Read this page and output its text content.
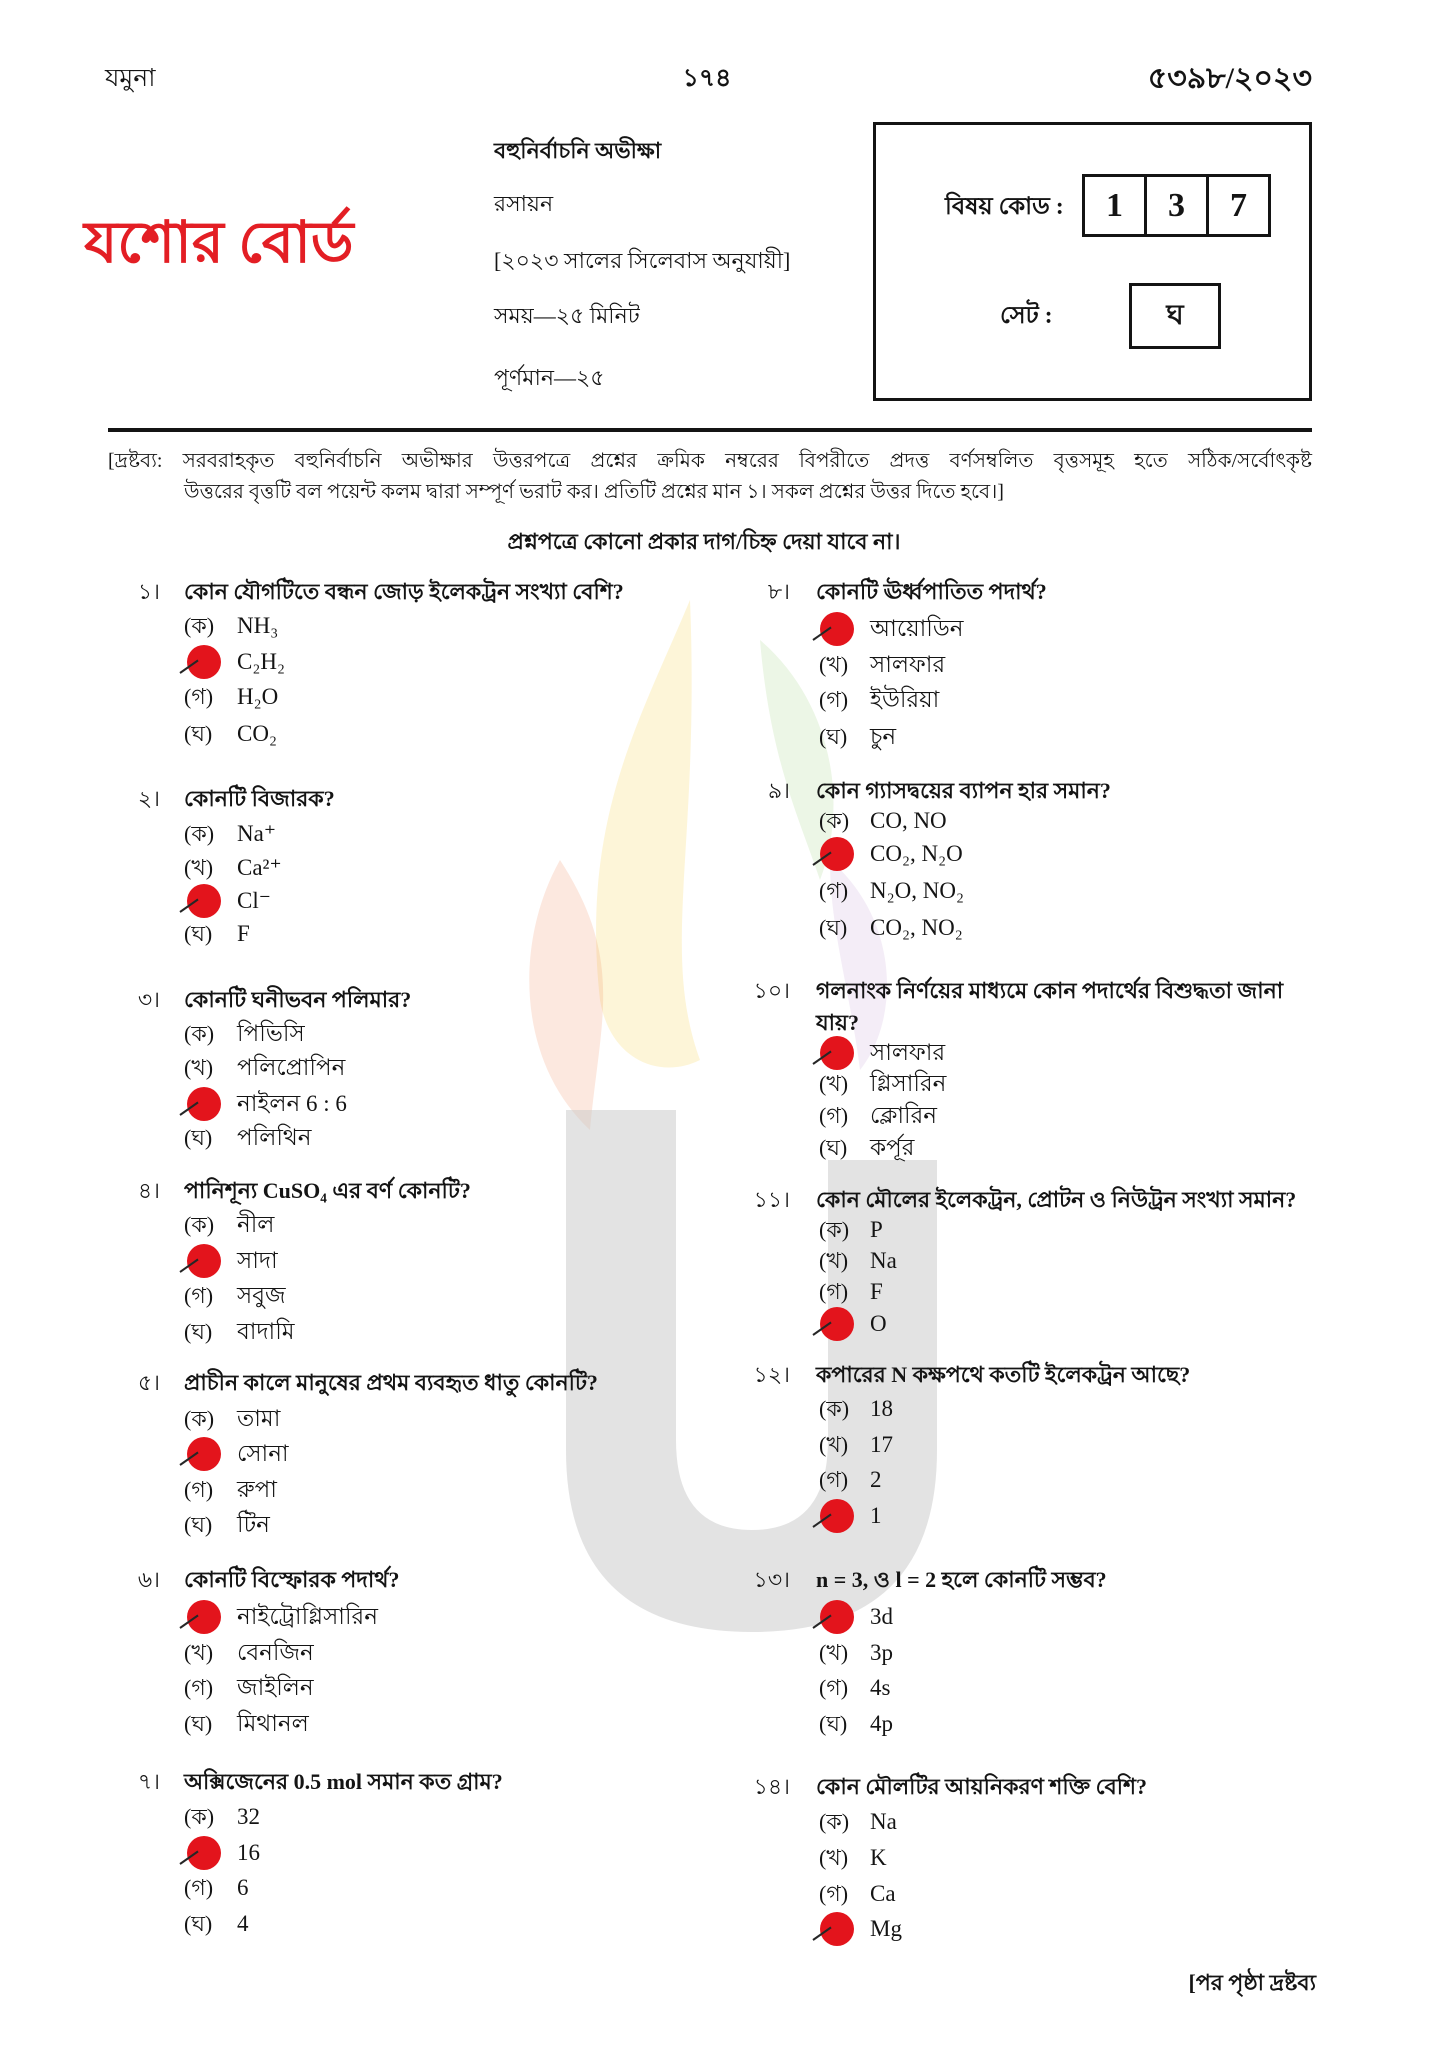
যমুনা	১৭৪	৫৩৯৮/২০২৩
যশোর বোর্ড
বহুনির্বাচনি অভীক্ষা
রসায়ন
[২০২৩ সালের সিলেবাস অনুযায়ী]
সময়—২৫ মিনিট
পূর্ণমান—২৫
বিষয় কোড :	1	3	7
সেট :	ঘ
[দ্রষ্টব্য: সরবরাহকৃত বহুনির্বাচনি অভীক্ষার উত্তরপত্রে প্রশ্নের ক্রমিক নম্বরের বিপরীতে প্রদত্ত বর্ণসম্বলিত বৃত্তসমূহ হতে সঠিক/সর্বোৎকৃষ্ট
উত্তরের বৃত্তটি বল পয়েন্ট কলম দ্বারা সম্পূর্ণ ভরাট কর। প্রতিটি প্রশ্নের মান ১। সকল প্রশ্নের উত্তর দিতে হবে।]
প্রশ্নপত্রে কোনো প্রকার দাগ/চিহ্ন দেয়া যাবে না।
১। কোন যৌগটিতে বন্ধন জোড় ইলেকট্রন সংখ্যা বেশি?
(ক) NH₃
C₂H₂
(গ) H₂O
(ঘ) CO₂
২। কোনটি বিজারক?
(ক) Na⁺
(খ) Ca²⁺
Cl⁻
(ঘ) F
৩। কোনটি ঘনীভবন পলিমার?
(ক) পিভিসি
(খ) পলিপ্রোপিন
নাইলন 6 : 6
(ঘ) পলিথিন
৪। পানিশূন্য CuSO₄ এর বর্ণ কোনটি?
(ক) নীল
সাদা
(গ) সবুজ
(ঘ) বাদামি
৫। প্রাচীন কালে মানুষের প্রথম ব্যবহৃত ধাতু কোনটি?
(ক) তামা
সোনা
(গ) রুপা
(ঘ) টিন
৬। কোনটি বিস্ফোরক পদার্থ?
নাইট্রোগ্লিসারিন
(খ) বেনজিন
(গ) জাইলিন
(ঘ) মিথানল
৭। অক্সিজেনের 0.5 mol সমান কত গ্রাম?
(ক) 32
16
(গ) 6
(ঘ) 4
৮। কোনটি ঊর্ধ্বপাতিত পদার্থ?
আয়োডিন
(খ) সালফার
(গ) ইউরিয়া
(ঘ) চুন
৯। কোন গ্যাসদ্বয়ের ব্যাপন হার সমান?
(ক) CO, NO
CO₂, N₂O
(গ) N₂O, NO₂
(ঘ) CO₂, NO₂
১০। গলনাংক নির্ণয়ের মাধ্যমে কোন পদার্থের বিশুদ্ধতা জানা যায়?
সালফার
(খ) গ্লিসারিন
(গ) ক্লোরিন
(ঘ) কর্পূর
১১। কোন মৌলের ইলেকট্রন, প্রোটন ও নিউট্রন সংখ্যা সমান?
(ক) P
(খ) Na
(গ) F
O
১২। কপারের N কক্ষপথে কতটি ইলেকট্রন আছে?
(ক) 18
(খ) 17
(গ) 2
1
১৩। n = 3, ও l = 2 হলে কোনটি সম্ভব?
3d
(খ) 3p
(গ) 4s
(ঘ) 4p
১৪। কোন মৌলটির আয়নিকরণ শক্তি বেশি?
(ক) Na
(খ) K
(গ) Ca
Mg
[পর পৃষ্ঠা দ্রষ্টব্য
